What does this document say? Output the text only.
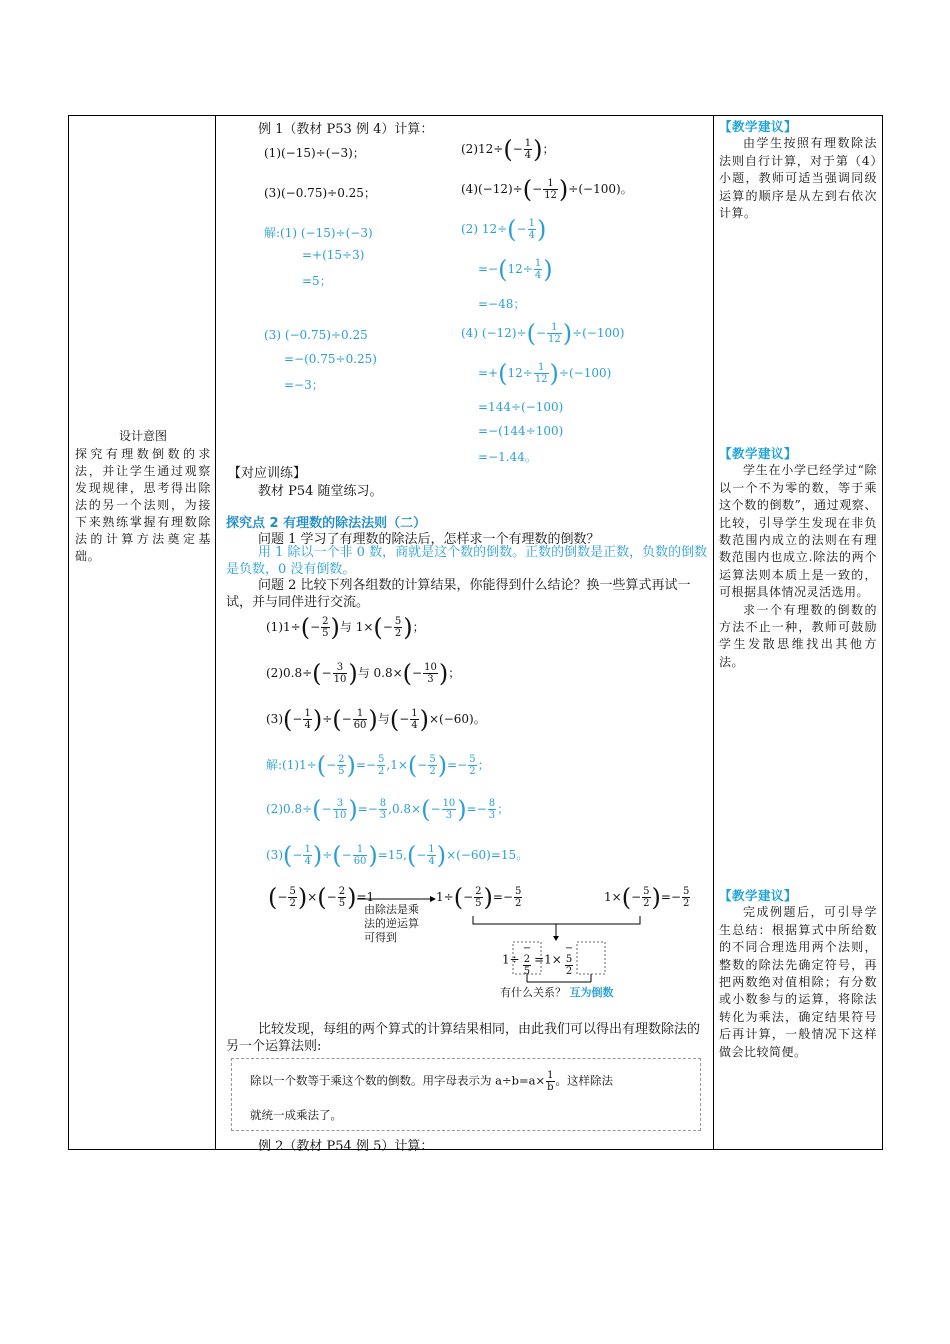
设计意图

探究有理数倒数的求法，并让学生通过观察发现规律，思考得出除法的另一个法则，为接下来熟练掌握有理数除法的计算方法奠定基础。

【教学建议】

由学生按照有理数除法法则自行计算，对于第（4）小题，教师可适当强调同级运算的顺序是从左到右依次计算。

【教学建议】

学生在小学已经学过“除以一个不为零的数，等于乘这个数的倒数”，通过观察、比较，引导学生发现在非负数范围内成立的法则在有理数范围内也成立.除法的两个运算法则本质上是一致的，可根据具体情况灵活选用。

求一个有理数的倒数的方法不止一种，教师可鼓励学生发散思维找出其他方法。

【教学建议】

完成例题后，可引导学生总结：根据算式中所给数的不同合理选用两个法则，整数的除法先确定符号，再把两数绝对值相除；有分数或小数参与的运算，将除法转化为乘法，确定结果符号后再计算，一般情况下这样做会比较简便。

例 1（教材 P53 例 4）计算：
(1)(−15)÷(−3)；	$(2)12\div(- \frac{1}{4}$ )；
(3)(−0.75)÷0.25；	$(4)(-12)\div(- \frac{1}{12} )\div(-100)$。
解:(1) (−15)÷(−3)
=+(15÷3)
=5；
(2) $12\div(- \frac{1}{4}$ )
$=-(12\div \frac{1}{4}$ )
=−48；
(3) (−0.75)÷0.25
=−(0.75÷0.25)
=−3；
(4) $(-12)\div(- \frac{1}{12} )\div(-100)$
$=+(12\div \frac{1}{12} )\div(-100)$
=144÷(−100)
=−(144÷100)
=−1.44。
【对应训练】
教材 P54 随堂练习。
探究点 2 有理数的除法法则（二）
问题 1 学习了有理数的除法后，怎样求一个有理数的倒数？
用 1 除以一个非 0 数，商就是这个数的倒数。正数的倒数是正数，负数的倒数是负数，0 没有倒数。
问题 2 比较下列各组数的计算结果，你能得到什么结论？换一些算式再试一试，并与同伴进行交流。
$(1)1\div(- \frac{2}{5}$ )与 $1\times(- \frac{5}{2}$ )；
$(2)0.8\div(- \frac{3}{10}$ )与 $0.8\times(- \frac{10}{3}$ )；
$(3)(- \frac{1}{4}$ )÷(− $\frac{1}{60}$ )与(− $\frac{1}{4} )\times(-60)$。
解:(1)1÷(− $\frac{2}{5}$ )=− $\frac{5}{2} ,1\times(- \frac{5}{2}$ )=− $\frac{5}{2}$ ；
$(2)0.8\div(- \frac{3}{10}$ )=− $\frac{8}{3} ,0.8\times(- \frac{10}{3}$ )=− $\frac{8}{3}$ ；
$(3)(- \frac{1}{4}$ )÷(− $\frac{1}{60} )=15,(- \frac{1}{4} )\times(-60)=15$。
(− $\frac{5}{2}$ )×(− $\frac{2}{5} )=1$	$1\div(- \frac{2}{5}$ )=− $\frac{5}{2}$	$1\times(- \frac{5}{2}$ )=− $\frac{5}{2}$
由除法是乘法的逆运算可得到
1÷−
2
5
=1×−
5
2
有什么关系？ 互为倒数
比较发现，每组的两个算式的计算结果相同，由此我们可以得出有理数除法的另一个运算法则:
除以一个数等于乘这个数的倒数。用字母表示为 $a\div b=a\times \frac{1}{b}$ 。这样除法
就统一成乘法了。
例 2（教材 P54 例 5）计算：
